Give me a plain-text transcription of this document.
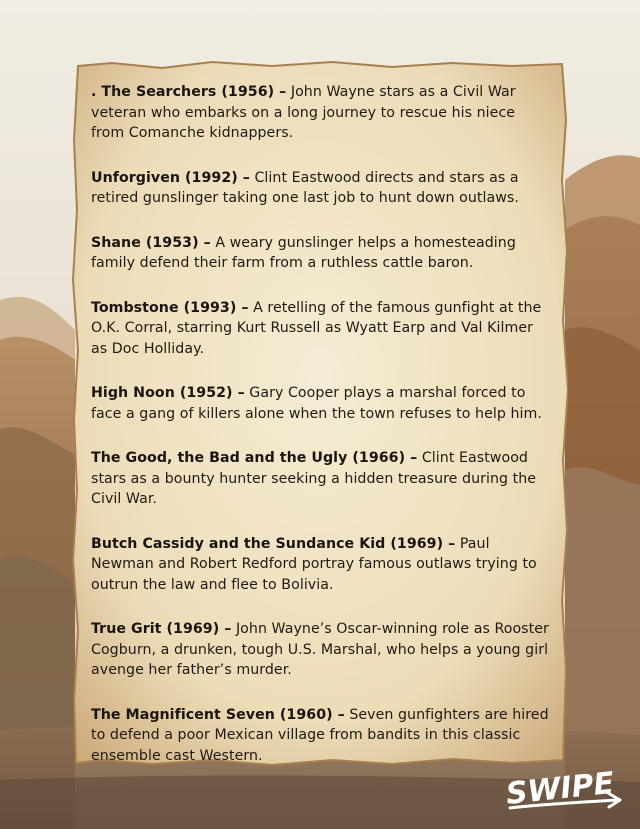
. The Searchers (1956) – John Wayne stars as a Civil War veteran who embarks on a long journey to rescue his niece from Comanche kidnappers.

Unforgiven (1992) – Clint Eastwood directs and stars as a retired gunslinger taking one last job to hunt down outlaws.

Shane (1953) – A weary gunslinger helps a homesteading family defend their farm from a ruthless cattle baron.

Tombstone (1993) – A retelling of the famous gunfight at the O.K. Corral, starring Kurt Russell as Wyatt Earp and Val Kilmer as Doc Holliday.

High Noon (1952) – Gary Cooper plays a marshal forced to face a gang of killers alone when the town refuses to help him.

The Good, the Bad and the Ugly (1966) – Clint Eastwood stars as a bounty hunter seeking a hidden treasure during the Civil War.

Butch Cassidy and the Sundance Kid (1969) – Paul Newman and Robert Redford portray famous outlaws trying to outrun the law and flee to Bolivia.

True Grit (1969) – John Wayne’s Oscar-winning role as Rooster Cogburn, a drunken, tough U.S. Marshal, who helps a young girl avenge her father’s murder.

The Magnificent Seven (1960) – Seven gunfighters are hired to defend a poor Mexican village from bandits in this classic ensemble cast Western.

SWIPE
